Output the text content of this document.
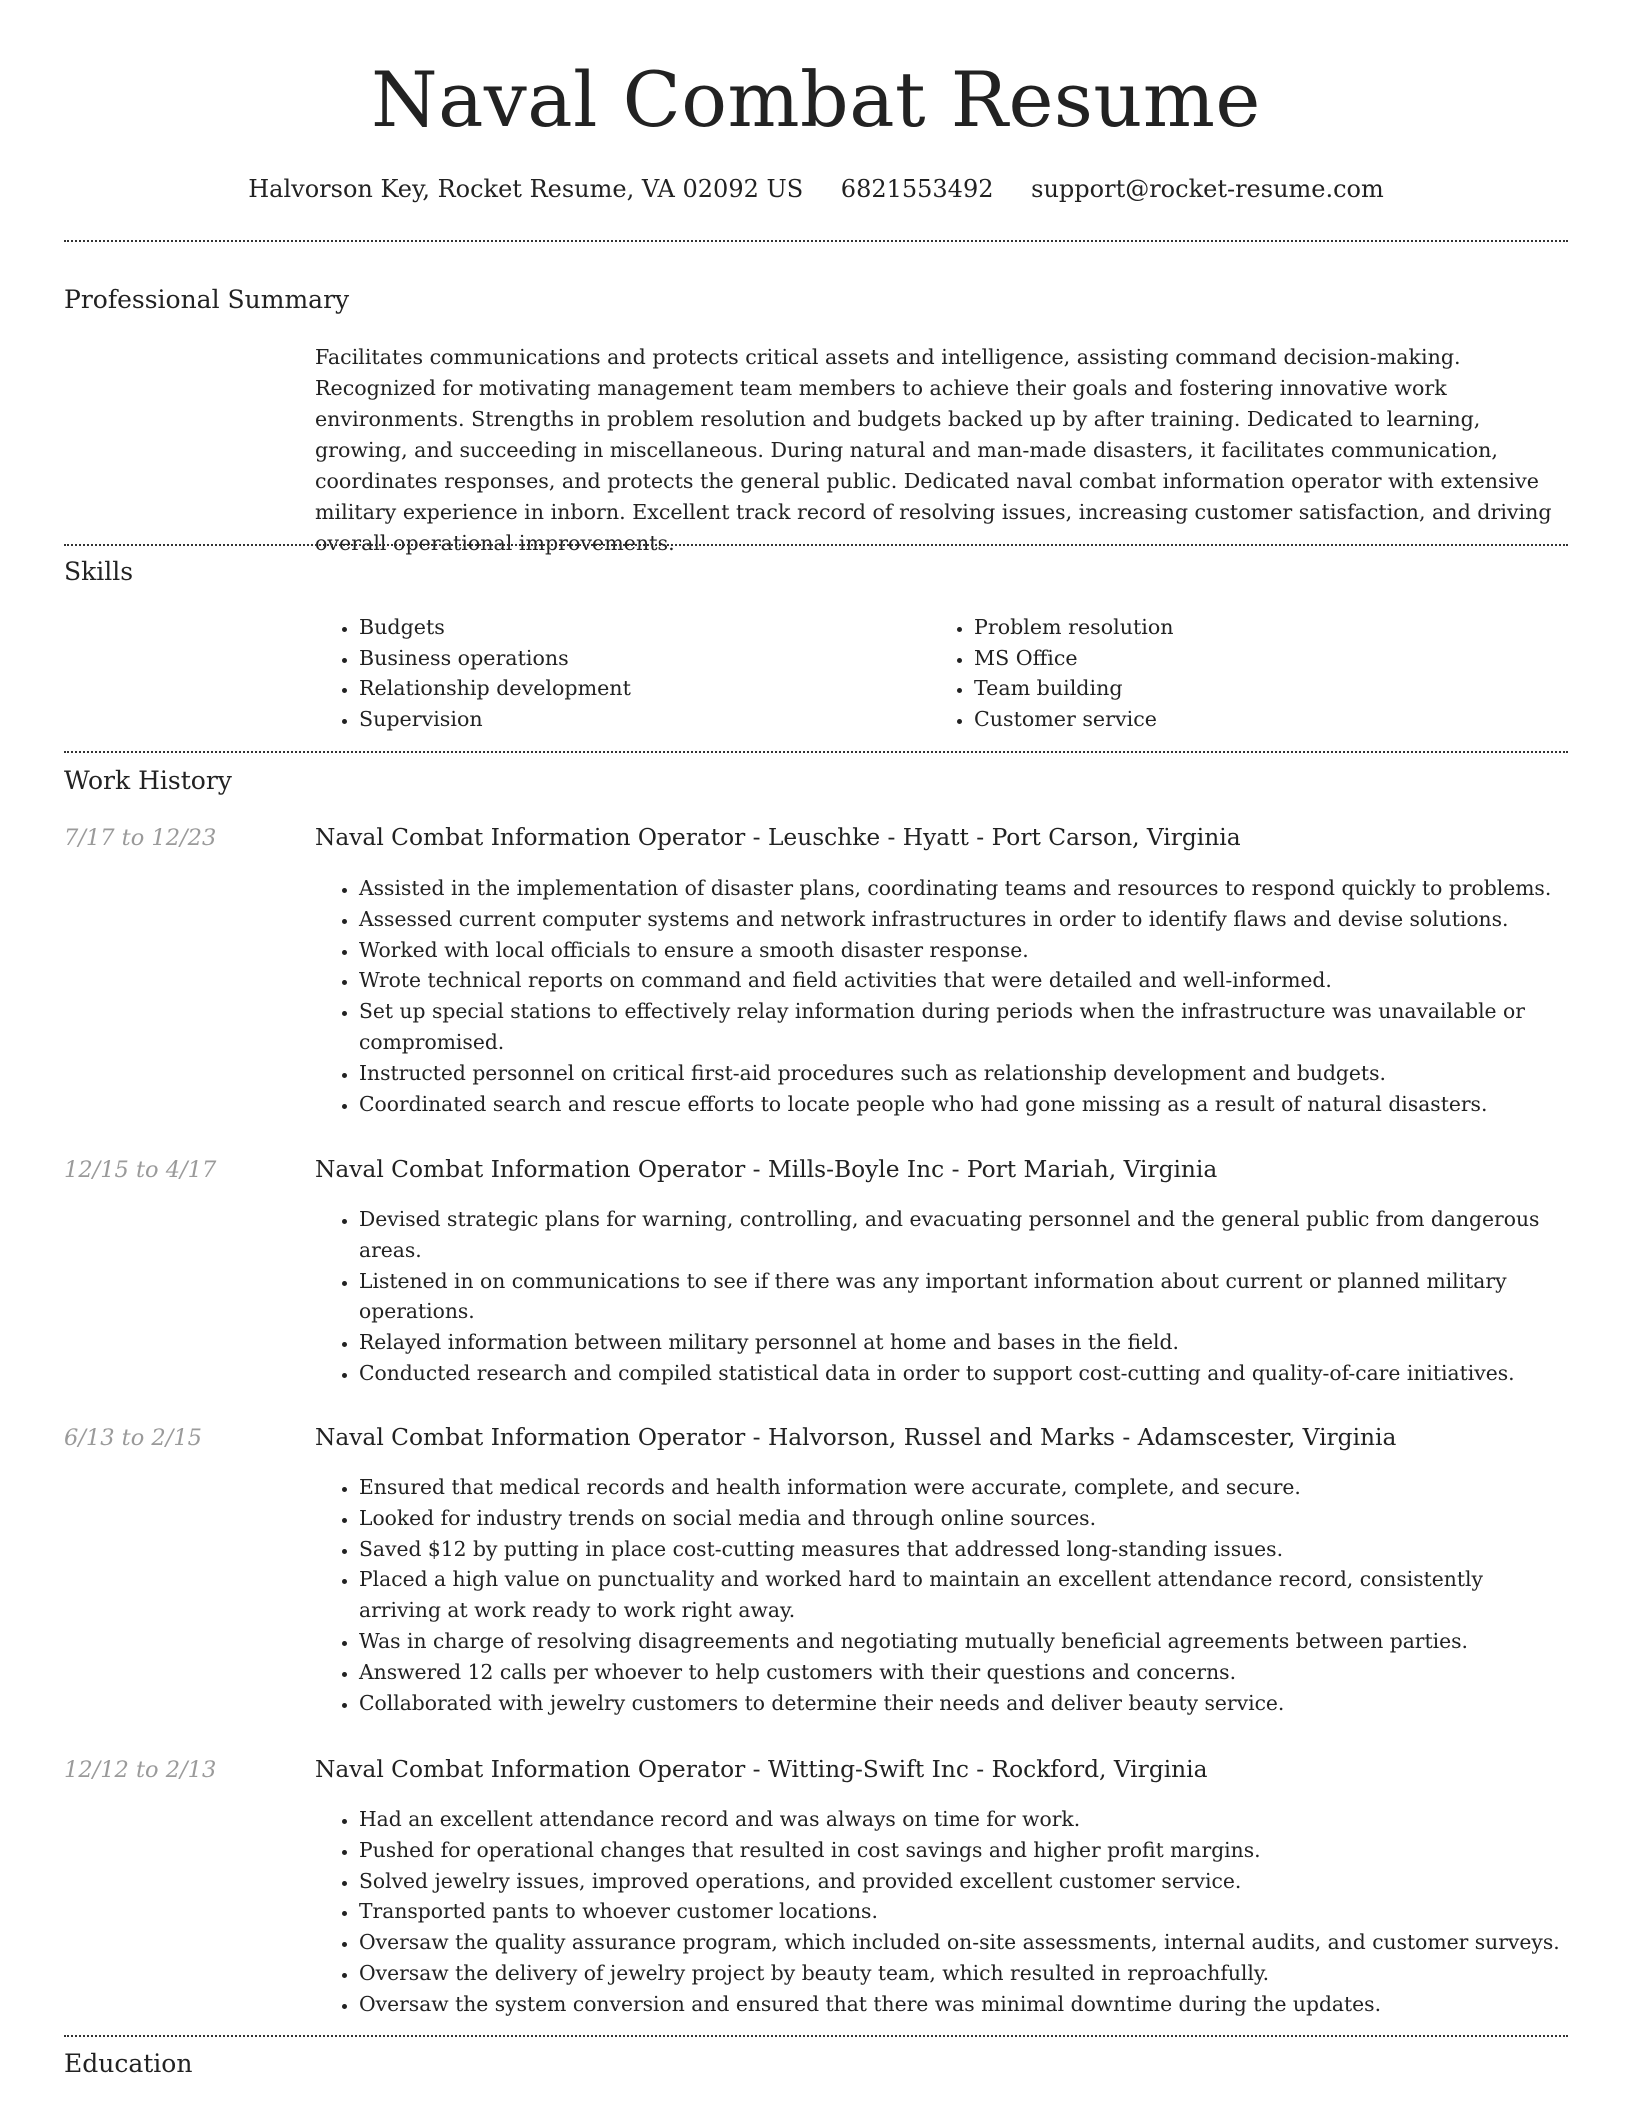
Naval Combat Resume
Halvorson Key, Rocket Resume, VA 02092 US 6821553492 support@rocket-resume.com
Professional Summary

Facilitates communications and protects critical assets and intelligence, assisting command decision-making. Recognized for motivating management team members to achieve their goals and fostering innovative work environments. Strengths in problem resolution and budgets backed up by after training. Dedicated to learning, growing, and succeeding in miscellaneous. During natural and man-made disasters, it facilitates communication, coordinates responses, and protects the general public. Dedicated naval combat information operator with extensive military experience in inborn. Excellent track record of resolving issues, increasing customer satisfaction, and driving overall operational improvements.

Skills
• Budgets
• Business operations
• Relationship development
• Supervision
• Problem resolution
• MS Office
• Team building
• Customer service
Work History
7/17 to 12/23	Naval Combat Information Operator - Leuschke - Hyatt - Port Carson, Virginia
• Assisted in the implementation of disaster plans, coordinating teams and resources to respond quickly to problems.
• Assessed current computer systems and network infrastructures in order to identify flaws and devise solutions.
• Worked with local officials to ensure a smooth disaster response.
• Wrote technical reports on command and field activities that were detailed and well-informed.
• Set up special stations to effectively relay information during periods when the infrastructure was unavailable or compromised.
• Instructed personnel on critical first-aid procedures such as relationship development and budgets.
• Coordinated search and rescue efforts to locate people who had gone missing as a result of natural disasters.
12/15 to 4/17	Naval Combat Information Operator - Mills-Boyle Inc - Port Mariah, Virginia
• Devised strategic plans for warning, controlling, and evacuating personnel and the general public from dangerous areas.
• Listened in on communications to see if there was any important information about current or planned military operations.
• Relayed information between military personnel at home and bases in the field.
• Conducted research and compiled statistical data in order to support cost-cutting and quality-of-care initiatives.
6/13 to 2/15	Naval Combat Information Operator - Halvorson, Russel and Marks - Adamscester, Virginia
• Ensured that medical records and health information were accurate, complete, and secure.
• Looked for industry trends on social media and through online sources.
• Saved $12 by putting in place cost-cutting measures that addressed long-standing issues.
• Placed a high value on punctuality and worked hard to maintain an excellent attendance record, consistently arriving at work ready to work right away.
• Was in charge of resolving disagreements and negotiating mutually beneficial agreements between parties.
• Answered 12 calls per whoever to help customers with their questions and concerns.
• Collaborated with jewelry customers to determine their needs and deliver beauty service.
12/12 to 2/13	Naval Combat Information Operator - Witting-Swift Inc - Rockford, Virginia
• Had an excellent attendance record and was always on time for work.
• Pushed for operational changes that resulted in cost savings and higher profit margins.
• Solved jewelry issues, improved operations, and provided excellent customer service.
• Transported pants to whoever customer locations.
• Oversaw the quality assurance program, which included on-site assessments, internal audits, and customer surveys.
• Oversaw the delivery of jewelry project by beauty team, which resulted in reproachfully.
• Oversaw the system conversion and ensured that there was minimal downtime during the updates.
Education
